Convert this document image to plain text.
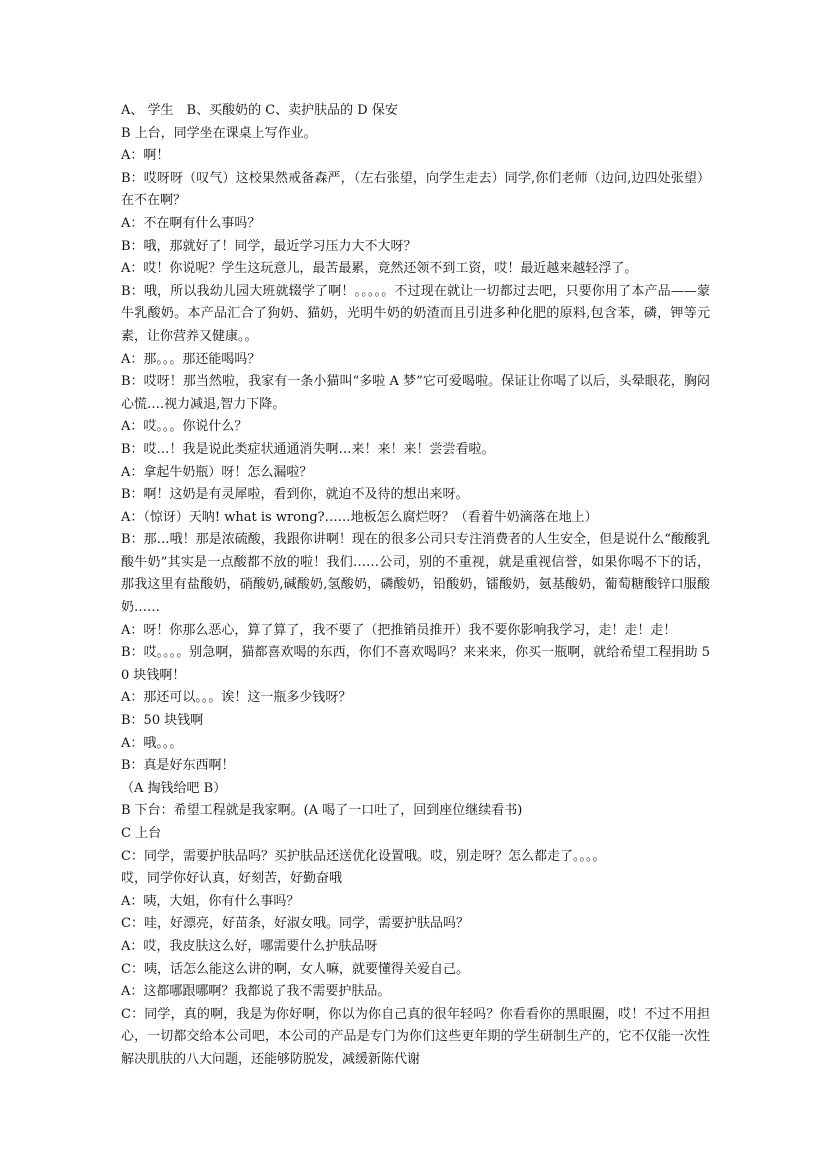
A、 学生　B、买酸奶的 C、卖护肤品的 D 保安

B 上台，同学坐在课桌上写作业。

A：啊！

B：哎呀呀（叹气）这校果然戒备森严，（左右张望，向学生走去）同学,你们老师（边问,边四处张望）在不在啊？

A：不在啊有什么事吗？

B：哦，那就好了！同学，最近学习压力大不大呀？

A：哎！你说呢？学生这玩意儿，最苦最累，竟然还领不到工资，哎！最近越来越轻浮了。

B：哦，所以我幼儿园大班就辍学了啊！。。。。。不过现在就让一切都过去吧，只要你用了本产品——蒙牛乳酸奶。本产品汇合了狗奶、猫奶，光明牛奶的奶渣而且引进多种化肥的原料,包含苯，磷，钾等元素，让你营养又健康。。

A：那。。。那还能喝吗？

B：哎呀！那当然啦，我家有一条小猫叫“多啦 A 梦”它可爱喝啦。保证让你喝了以后，头晕眼花，胸闷心慌….视力减退,智力下降。

A：哎。。。你说什么？

B：哎…！我是说此类症状通通消失啊…来！来！来！尝尝看啦。

A：拿起牛奶瓶）呀！怎么漏啦？

B：啊！这奶是有灵犀啦，看到你，就迫不及待的想出来呀。

A：（惊讶）天呐! what is wrong?……地板怎么腐烂呀？（看着牛奶滴落在地上）

B：那…哦！那是浓硫酸，我跟你讲啊！现在的很多公司只专注消费者的人生安全，但是说什么“酸酸乳酸牛奶”其实是一点酸都不放的啦！我们……公司，别的不重视，就是重视信誉，如果你喝不下的话，那我这里有盐酸奶，硝酸奶,碱酸奶,氢酸奶，磷酸奶，铅酸奶，镭酸奶，氨基酸奶，葡萄糖酸锌口服酸奶……

A：呀！你那么恶心，算了算了，我不要了（把推销员推开）我不要你影响我学习，走！走！走！

B：哎。。。。别急啊，猫都喜欢喝的东西，你们不喜欢喝吗？来来来，你买一瓶啊，就给希望工程捐助 50 块钱啊！

A：那还可以。。。诶！这一瓶多少钱呀？

B：50 块钱啊

A：哦。。。

B：真是好东西啊！

（A 掏钱给吧 B）

B 下台：希望工程就是我家啊。(A 喝了一口吐了，回到座位继续看书)

C 上台

C：同学，需要护肤品吗？买护肤品还送优化设置哦。哎，别走呀？怎么都走了。。。。

哎，同学你好认真，好刻苦，好勤奋哦

A：咦，大姐，你有什么事吗？

C：哇，好漂亮，好苗条，好淑女哦。同学，需要护肤品吗？

A：哎，我皮肤这么好，哪需要什么护肤品呀

C：咦，话怎么能这么讲的啊，女人嘛，就要懂得关爱自己。

A：这都哪跟哪啊？我都说了我不需要护肤品。

C：同学，真的啊，我是为你好啊，你以为你自己真的很年轻吗？你看看你的黑眼圈，哎！不过不用担心，一切都交给本公司吧，本公司的产品是专门为你们这些更年期的学生研制生产的，它不仅能一次性解决肌肤的八大问题，还能够防脱发，减缓新陈代谢
